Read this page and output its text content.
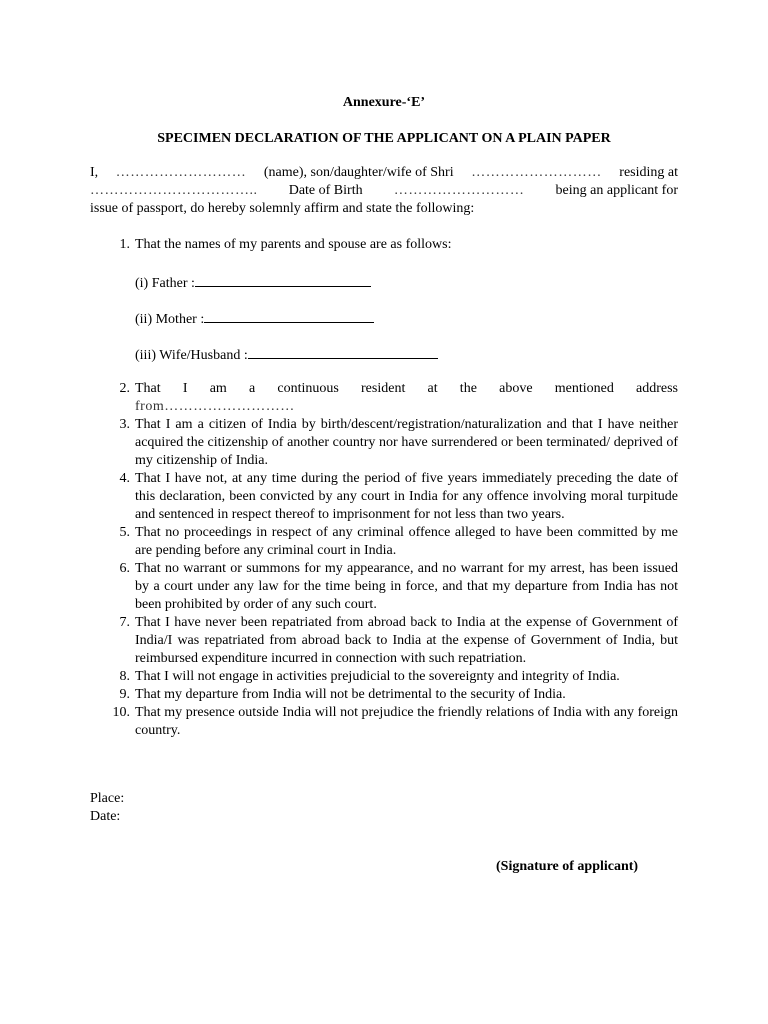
Annexure-‘E’
SPECIMEN DECLARATION OF THE APPLICANT ON A PLAIN PAPER
I, ……………………… (name), son/daughter/wife of Shri ……………………… residing at
…………………………….. Date of Birth ……………………… being an applicant for
issue of passport, do hereby solemnly affirm and state the following:
1. That the names of my parents and spouse are as follows:
(i) Father :
(ii) Mother :
(iii) Wife/Husband :
2. That I am a continuous resident at the above mentioned address
from………………………
3. That I am a citizen of India by birth/descent/registration/naturalization and that I have neither acquired the citizenship of another country nor have surrendered or been terminated/ deprived of my citizenship of India.
4. That I have not, at any time during the period of five years immediately preceding the date of this declaration, been convicted by any court in India for any offence involving moral turpitude and sentenced in respect thereof to imprisonment for not less than two years.
5. That no proceedings in respect of any criminal offence alleged to have been committed by me are pending before any criminal court in India.
6. That no warrant or summons for my appearance, and no warrant for my arrest, has been issued by a court under any law for the time being in force, and that my departure from India has not been prohibited by order of any such court.
7. That I have never been repatriated from abroad back to India at the expense of Government of India/I was repatriated from abroad back to India at the expense of Government of India, but reimbursed expenditure incurred in connection with such repatriation.
8. That I will not engage in activities prejudicial to the sovereignty and integrity of India.
9. That my departure from India will not be detrimental to the security of India.
10. That my presence outside India will not prejudice the friendly relations of India with any foreign country.
Place:
Date:
(Signature of applicant)
